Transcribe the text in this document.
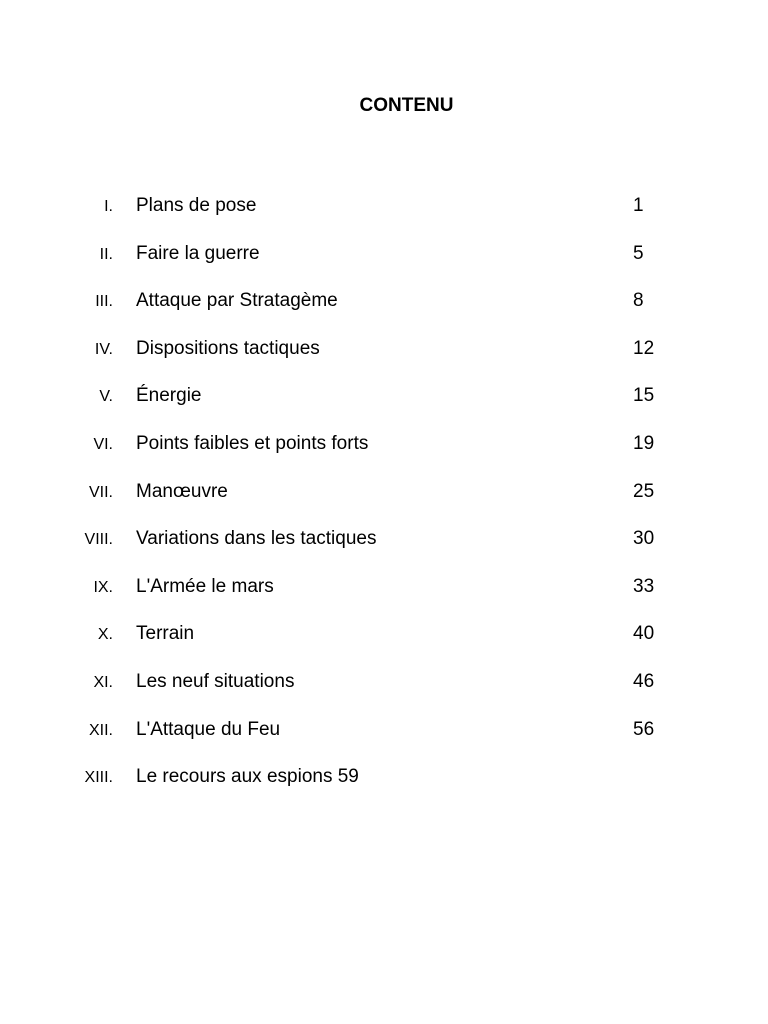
CONTENU
I. Plans de pose	1
II. Faire la guerre	5
III. Attaque par Stratagème	8
IV. Dispositions tactiques	12
V. Énergie	15
VI. Points faibles et points forts	19
VII. Manœuvre	25
VIII. Variations dans les tactiques	30
IX. L'Armée le mars	33
X. Terrain	40
XI. Les neuf situations	46
XII. L'Attaque du Feu	56
XIII. Le recours aux espions 59
